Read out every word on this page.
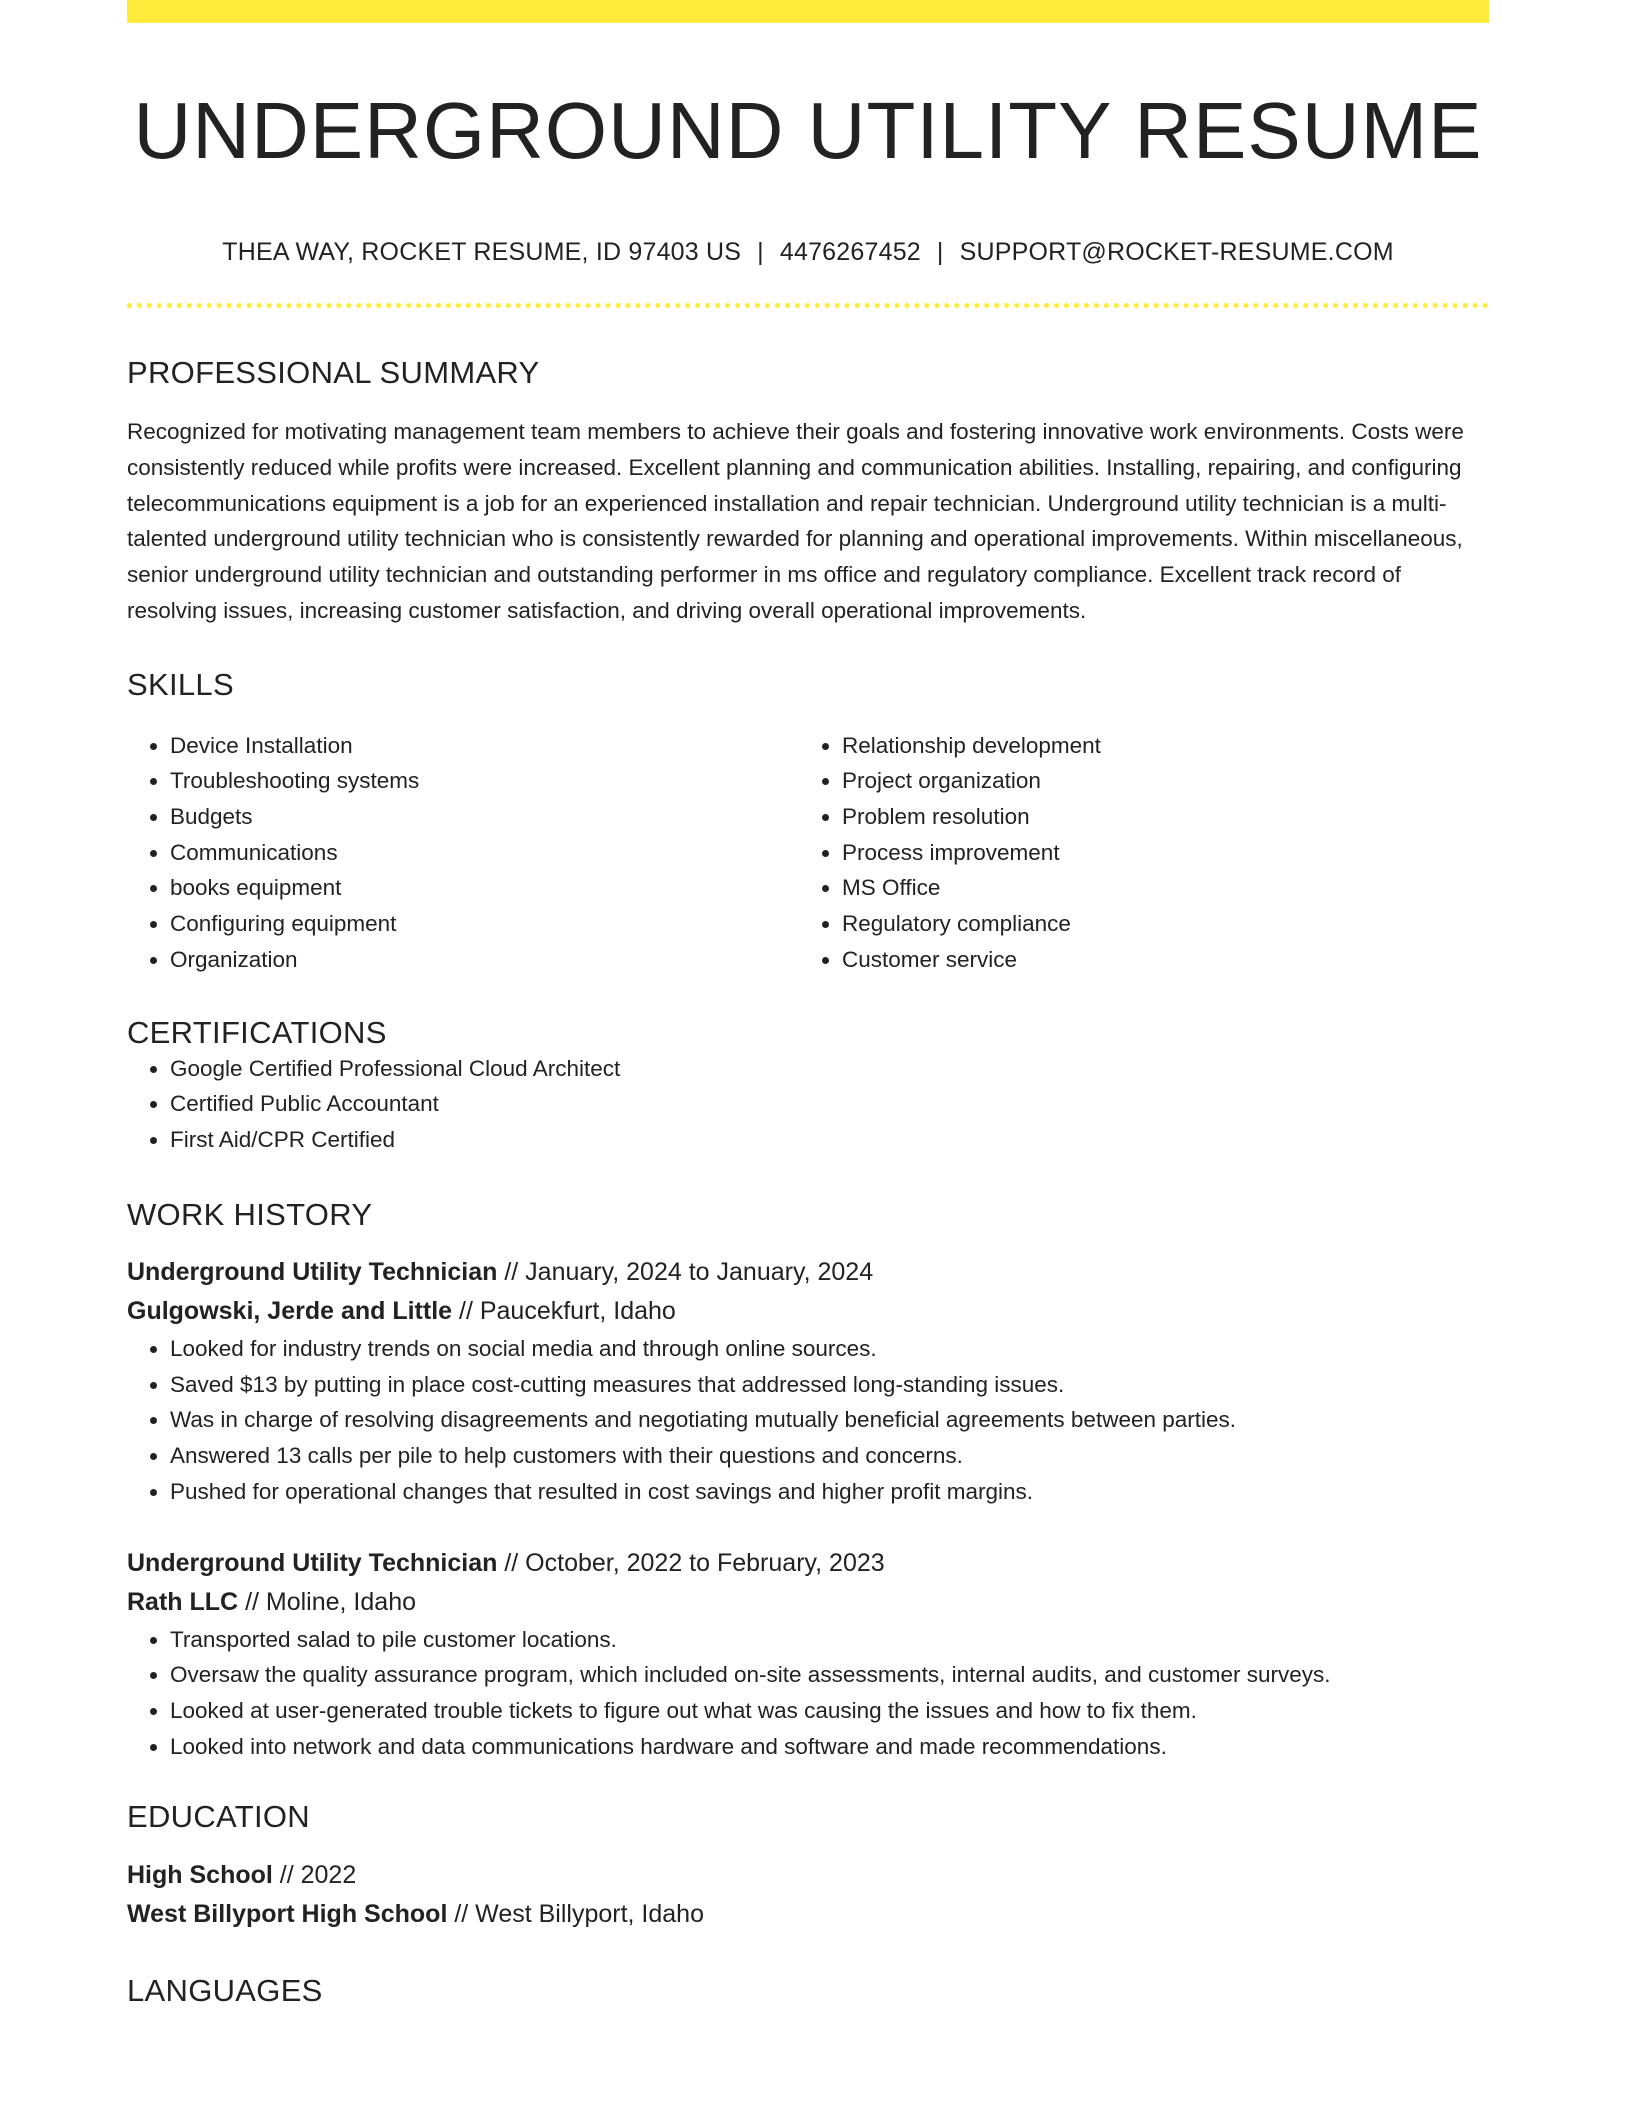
UNDERGROUND UTILITY RESUME
THEA WAY, ROCKET RESUME, ID 97403 US | 4476267452 | SUPPORT@ROCKET-RESUME.COM
PROFESSIONAL SUMMARY

Recognized for motivating management team members to achieve their goals and fostering innovative work environments. Costs were consistently reduced while profits were increased. Excellent planning and communication abilities. Installing, repairing, and configuring telecommunications equipment is a job for an experienced installation and repair technician. Underground utility technician is a multi-talented underground utility technician who is consistently rewarded for planning and operational improvements. Within miscellaneous, senior underground utility technician and outstanding performer in ms office and regulatory compliance. Excellent track record of resolving issues, increasing customer satisfaction, and driving overall operational improvements.

SKILLS
• Device Installation
• Troubleshooting systems
• Budgets
• Communications
• books equipment
• Configuring equipment
• Organization
• Relationship development
• Project organization
• Problem resolution
• Process improvement
• MS Office
• Regulatory compliance
• Customer service
CERTIFICATIONS
• Google Certified Professional Cloud Architect
• Certified Public Accountant
• First Aid/CPR Certified
WORK HISTORY
Underground Utility Technician // January, 2024 to January, 2024
Gulgowski, Jerde and Little // Paucekfurt, Idaho
• Looked for industry trends on social media and through online sources.
• Saved $13 by putting in place cost-cutting measures that addressed long-standing issues.
• Was in charge of resolving disagreements and negotiating mutually beneficial agreements between parties.
• Answered 13 calls per pile to help customers with their questions and concerns.
• Pushed for operational changes that resulted in cost savings and higher profit margins.
Underground Utility Technician // October, 2022 to February, 2023
Rath LLC // Moline, Idaho
• Transported salad to pile customer locations.
• Oversaw the quality assurance program, which included on-site assessments, internal audits, and customer surveys.
• Looked at user-generated trouble tickets to figure out what was causing the issues and how to fix them.
• Looked into network and data communications hardware and software and made recommendations.
EDUCATION
High School // 2022
West Billyport High School // West Billyport, Idaho
LANGUAGES
